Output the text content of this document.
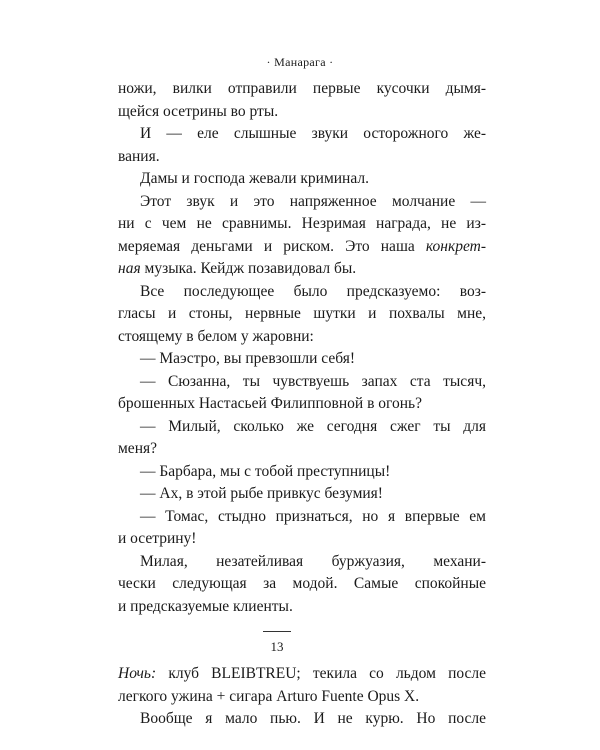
· Манарага ·
ножи, вилки отправили первые кусочки дымя-
щейся осетрины во рты.
И — еле слышные звуки осторожного же-
вания.
Дамы и господа жевали криминал.
Этот звук и это напряженное молчание —
ни с чем не сравнимы. Незримая награда, не из-
меряемая деньгами и риском. Это наша конкрет-
ная музыка. Кейдж позавидовал бы.
Все последующее было предсказуемо: воз-
гласы и стоны, нервные шутки и похвалы мне,
стоящему в белом у жаровни:
— Маэстро, вы превзошли себя!
— Сюзанна, ты чувствуешь запах ста тысяч,
брошенных Настасьей Филипповной в огонь?
— Милый, сколько же сегодня сжег ты для
меня?
— Барбара, мы с тобой преступницы!
— Ах, в этой рыбе привкус безумия!
— Томас, стыдно признаться, но я впервые ем
и осетрину!
Милая, незатейливая буржуазия, механи-
чески следующая за модой. Самые спокойные
и предсказуемые клиенты.
Ночь: клуб BLEIBTREU; текила со льдом после
легкого ужина + сигара Arturo Fuente Opus X.
Вообще я мало пью. И не курю. Но после
13
